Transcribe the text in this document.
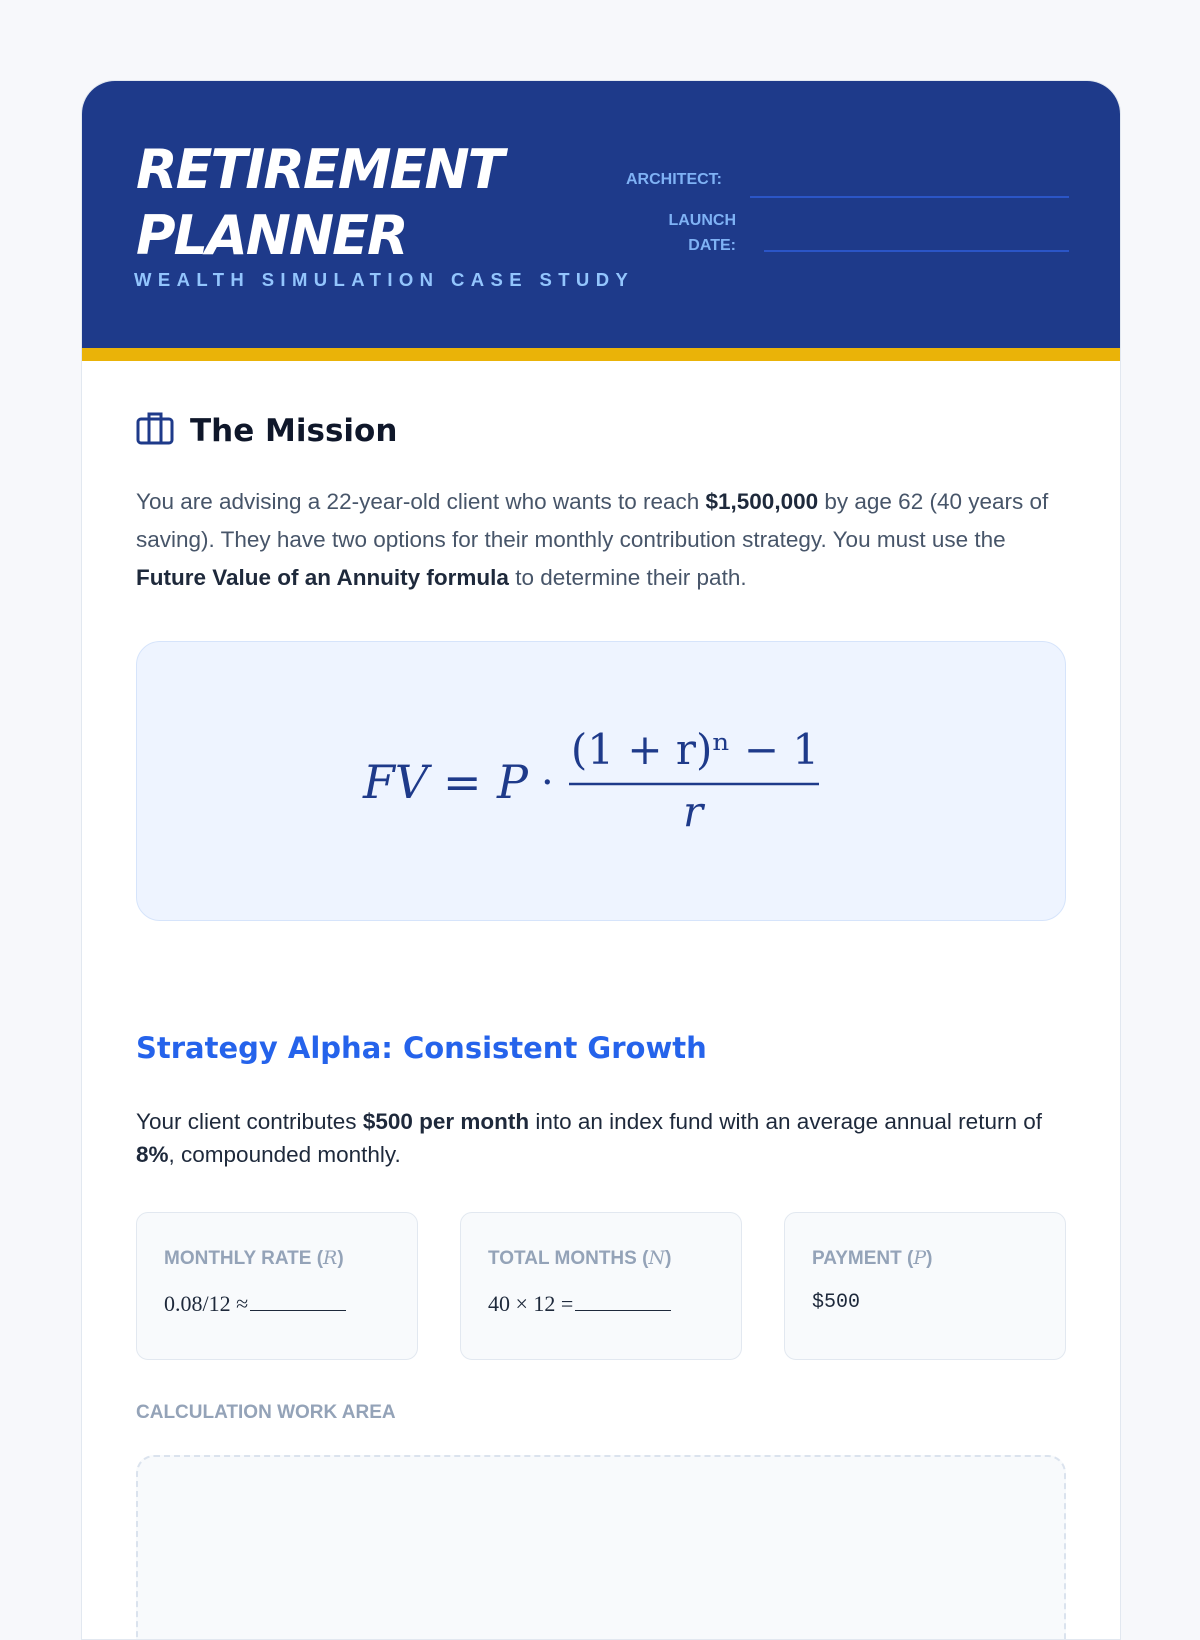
RETIREMENT
PLANNER

WEALTH SIMULATION CASE STUDY

ARCHITECT:
LAUNCH
DATE:
The Mission

You are advising a 22-year-old client who wants to reach $1,500,000 by age 62 (40 years of saving). They have two options for their monthly contribution strategy. You must use the Future Value of an Annuity formula to determine their path.

FV = P ·
(1 + r)ⁿ − 1
r
Strategy Alpha: Consistent Growth

Your client contributes $500 per month into an index fund with an average annual return of 8%, compounded monthly.

MONTHLY RATE (R)
0.08/12 ≈
TOTAL MONTHS (N)
40 × 12 =
PAYMENT (P)
$500
CALCULATION WORK AREA
